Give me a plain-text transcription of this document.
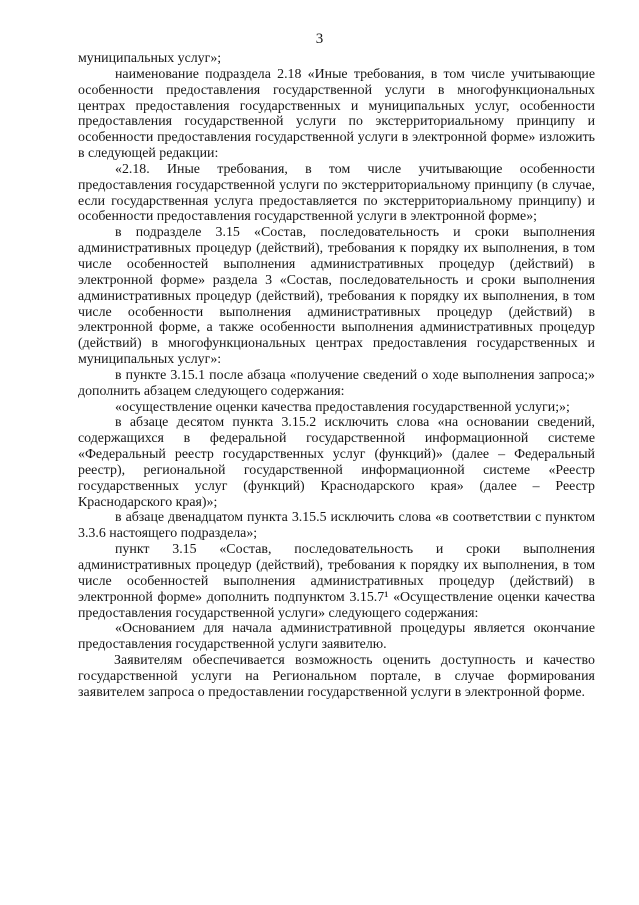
3

муниципальных услуг»;

наименование подраздела 2.18 «Иные требования, в том числе учитывающие особенности предоставления государственной услуги в многофункциональных центрах предоставления государственных и муниципальных услуг, особенности предоставления государственной услуги по экстерриториальному принципу и особенности предоставления государственной услуги в электронной форме» изложить в следующей редакции:

«2.18. Иные требования, в том числе учитывающие особенности предоставления государственной услуги по экстерриториальному принципу (в случае, если государственная услуга предоставляется по экстерриториальному принципу) и особенности предоставления государственной услуги в электронной форме»;

в подразделе 3.15 «Состав, последовательность и сроки выполнения административных процедур (действий), требования к порядку их выполнения, в том числе особенностей выполнения административных процедур (действий) в электронной форме» раздела 3 «Состав, последовательность и сроки выполнения административных процедур (действий), требования к порядку их выполнения, в том числе особенности выполнения административных процедур (действий) в электронной форме, а также особенности выполнения административных процедур (действий) в многофункциональных центрах предоставления государственных и муниципальных услуг»:

в пункте 3.15.1 после абзаца «получение сведений о ходе выполнения запроса;» дополнить абзацем следующего содержания:

«осуществление оценки качества предоставления государственной услуги;»;

в абзаце десятом пункта 3.15.2 исключить слова «на основании сведений, содержащихся в федеральной государственной информационной системе «Федеральный реестр государственных услуг (функций)» (далее – Федеральный реестр), региональной государственной информационной системе «Реестр государственных услуг (функций) Краснодарского края» (далее – Реестр Краснодарского края)»;

в абзаце двенадцатом пункта 3.15.5 исключить слова «в соответствии с пунктом 3.3.6 настоящего подраздела»;

пункт 3.15 «Состав, последовательность и сроки выполнения административных процедур (действий), требования к порядку их выполнения, в том числе особенностей выполнения административных процедур (действий) в электронной форме» дополнить подпунктом 3.15.7¹ «Осуществление оценки качества предоставления государственной услуги» следующего содержания:

«Основанием для начала административной процедуры является окончание предоставления государственной услуги заявителю.

Заявителям обеспечивается возможность оценить доступность и качество государственной услуги на Региональном портале, в случае формирования заявителем запроса о предоставлении государственной услуги в электронной форме.
